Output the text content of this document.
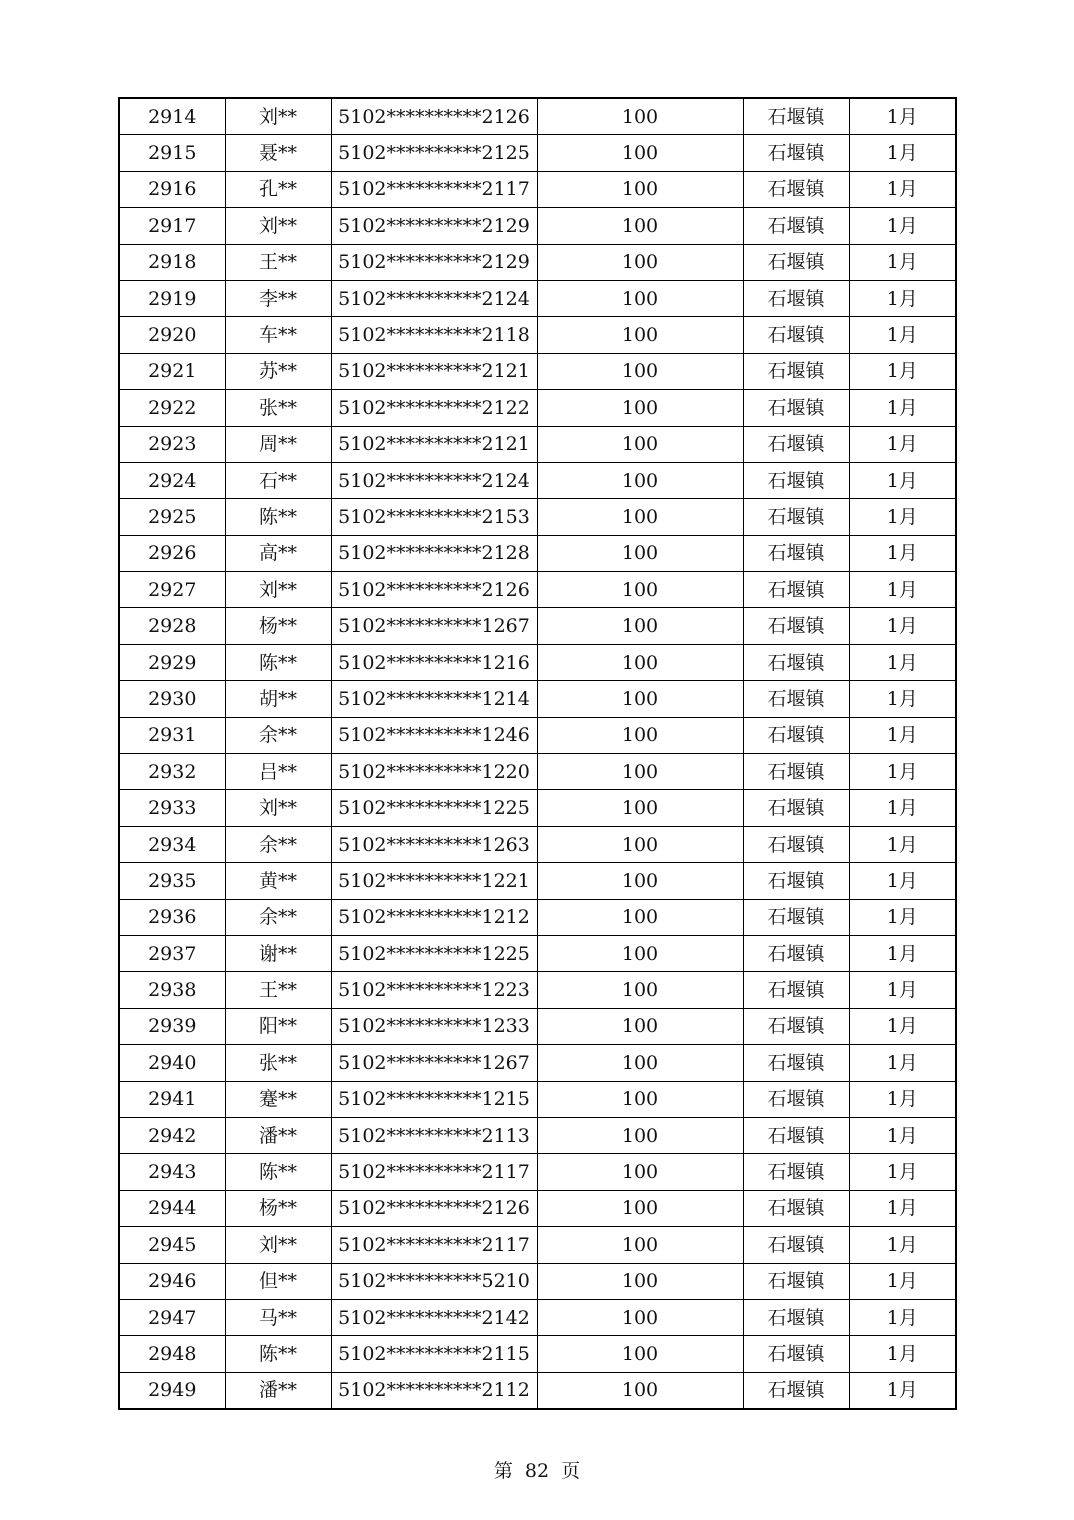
2914	刘**	5102**********2126	100	石堰镇	1月
2915	聂**	5102**********2125	100	石堰镇	1月
2916	孔**	5102**********2117	100	石堰镇	1月
2917	刘**	5102**********2129	100	石堰镇	1月
2918	王**	5102**********2129	100	石堰镇	1月
2919	李**	5102**********2124	100	石堰镇	1月
2920	车**	5102**********2118	100	石堰镇	1月
2921	苏**	5102**********2121	100	石堰镇	1月
2922	张**	5102**********2122	100	石堰镇	1月
2923	周**	5102**********2121	100	石堰镇	1月
2924	石**	5102**********2124	100	石堰镇	1月
2925	陈**	5102**********2153	100	石堰镇	1月
2926	高**	5102**********2128	100	石堰镇	1月
2927	刘**	5102**********2126	100	石堰镇	1月
2928	杨**	5102**********1267	100	石堰镇	1月
2929	陈**	5102**********1216	100	石堰镇	1月
2930	胡**	5102**********1214	100	石堰镇	1月
2931	余**	5102**********1246	100	石堰镇	1月
2932	吕**	5102**********1220	100	石堰镇	1月
2933	刘**	5102**********1225	100	石堰镇	1月
2934	余**	5102**********1263	100	石堰镇	1月
2935	黄**	5102**********1221	100	石堰镇	1月
2936	余**	5102**********1212	100	石堰镇	1月
2937	谢**	5102**********1225	100	石堰镇	1月
2938	王**	5102**********1223	100	石堰镇	1月
2939	阳**	5102**********1233	100	石堰镇	1月
2940	张**	5102**********1267	100	石堰镇	1月
2941	蹇**	5102**********1215	100	石堰镇	1月
2942	潘**	5102**********2113	100	石堰镇	1月
2943	陈**	5102**********2117	100	石堰镇	1月
2944	杨**	5102**********2126	100	石堰镇	1月
2945	刘**	5102**********2117	100	石堰镇	1月
2946	但**	5102**********5210	100	石堰镇	1月
2947	马**	5102**********2142	100	石堰镇	1月
2948	陈**	5102**********2115	100	石堰镇	1月
2949	潘**	5102**********2112	100	石堰镇	1月
第 82 页
